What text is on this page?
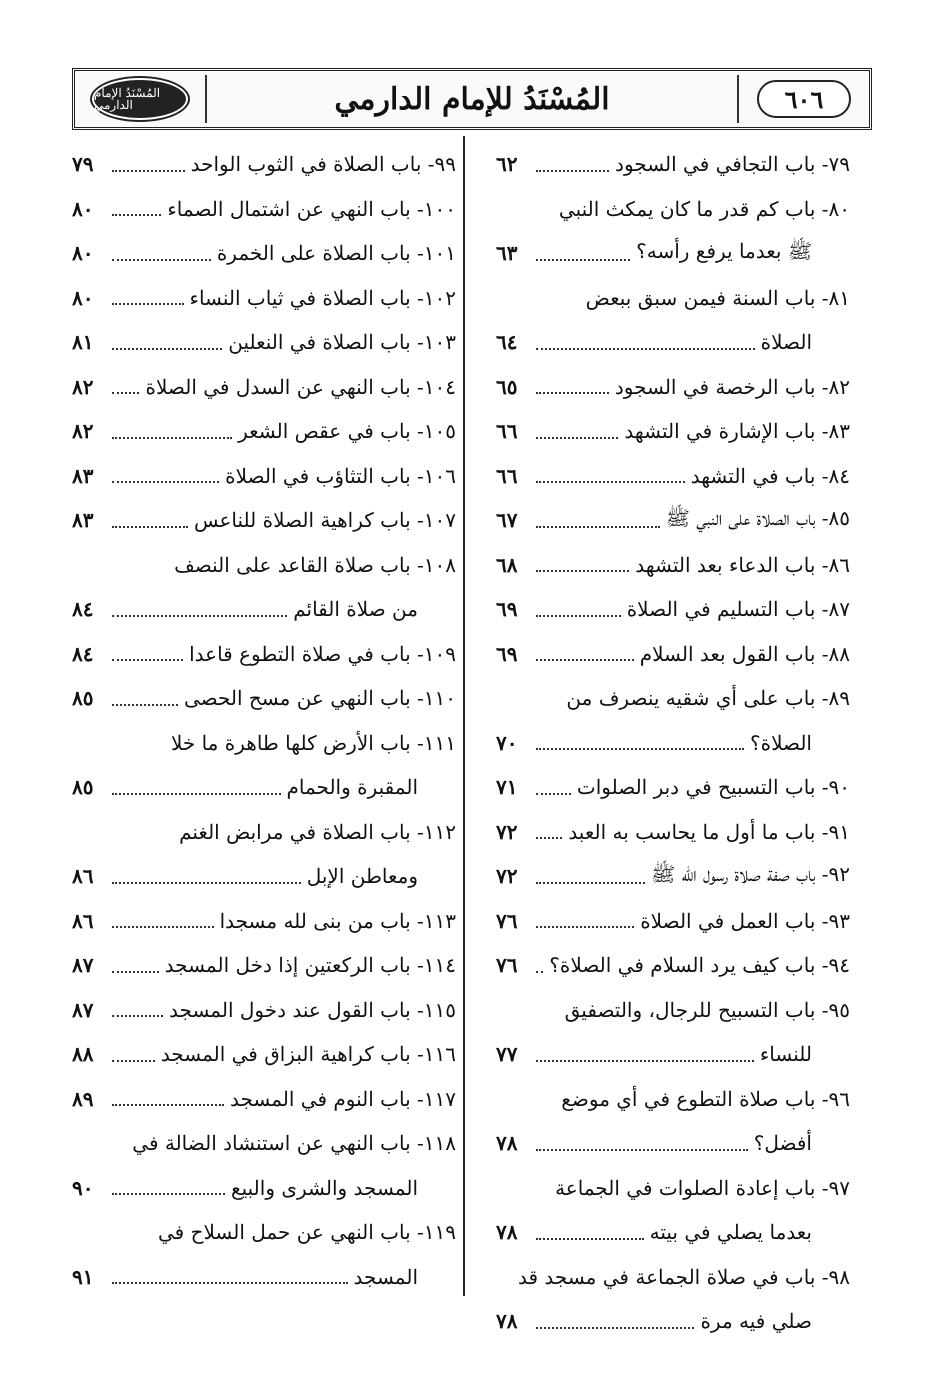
المُسْنَدُ الإمام الدارمي	المُسْنَدُ للإمام الدارمي	٦٠٦
٧٩- باب التجافي في السجود
٦٢
٨٠- باب كم قدر ما كان يمكث النبي
ﷺ بعدما يرفع رأسه؟
٦٣
٨١- باب السنة فيمن سبق ببعض
الصلاة
٦٤
٨٢- باب الرخصة في السجود
٦٥
٨٣- باب الإشارة في التشهد
٦٦
٨٤- باب في التشهد
٦٦
٨٥- باب الصلاة على النبي ﷺ
٦٧
٨٦- باب الدعاء بعد التشهد
٦٨
٨٧- باب التسليم في الصلاة
٦٩
٨٨- باب القول بعد السلام
٦٩
٨٩- باب على أي شقيه ينصرف من
الصلاة؟
٧٠
٩٠- باب التسبيح في دبر الصلوات
٧١
٩١- باب ما أول ما يحاسب به العبد
٧٢
٩٢- باب صفة صلاة رسول الله ﷺ
٧٢
٩٣- باب العمل في الصلاة
٧٦
٩٤- باب كيف يرد السلام في الصلاة؟
٧٦
٩٥- باب التسبيح للرجال، والتصفيق
للنساء
٧٧
٩٦- باب صلاة التطوع في أي موضع
أفضل؟
٧٨
٩٧- باب إعادة الصلوات في الجماعة
بعدما يصلي في بيته
٧٨
٩٨- باب في صلاة الجماعة في مسجد قد
صلي فيه مرة
٧٨
٩٩- باب الصلاة في الثوب الواحد
٧٩
١٠٠- باب النهي عن اشتمال الصماء
٨٠
١٠١- باب الصلاة على الخمرة
٨٠
١٠٢- باب الصلاة في ثياب النساء
٨٠
١٠٣- باب الصلاة في النعلين
٨١
١٠٤- باب النهي عن السدل في الصلاة
٨٢
١٠٥- باب في عقص الشعر
٨٢
١٠٦- باب التثاؤب في الصلاة
٨٣
١٠٧- باب كراهية الصلاة للناعس
٨٣
١٠٨- باب صلاة القاعد على النصف
من صلاة القائم
٨٤
١٠٩- باب في صلاة التطوع قاعدا
٨٤
١١٠- باب النهي عن مسح الحصى
٨٥
١١١- باب الأرض كلها طاهرة ما خلا
المقبرة والحمام
٨٥
١١٢- باب الصلاة في مرابض الغنم
ومعاطن الإبل
٨٦
١١٣- باب من بنى لله مسجدا
٨٦
١١٤- باب الركعتين إذا دخل المسجد
٨٧
١١٥- باب القول عند دخول المسجد
٨٧
١١٦- باب كراهية البزاق في المسجد
٨٨
١١٧- باب النوم في المسجد
٨٩
١١٨- باب النهي عن استنشاد الضالة في
المسجد والشرى والبيع
٩٠
١١٩- باب النهي عن حمل السلاح في
المسجد
٩١
